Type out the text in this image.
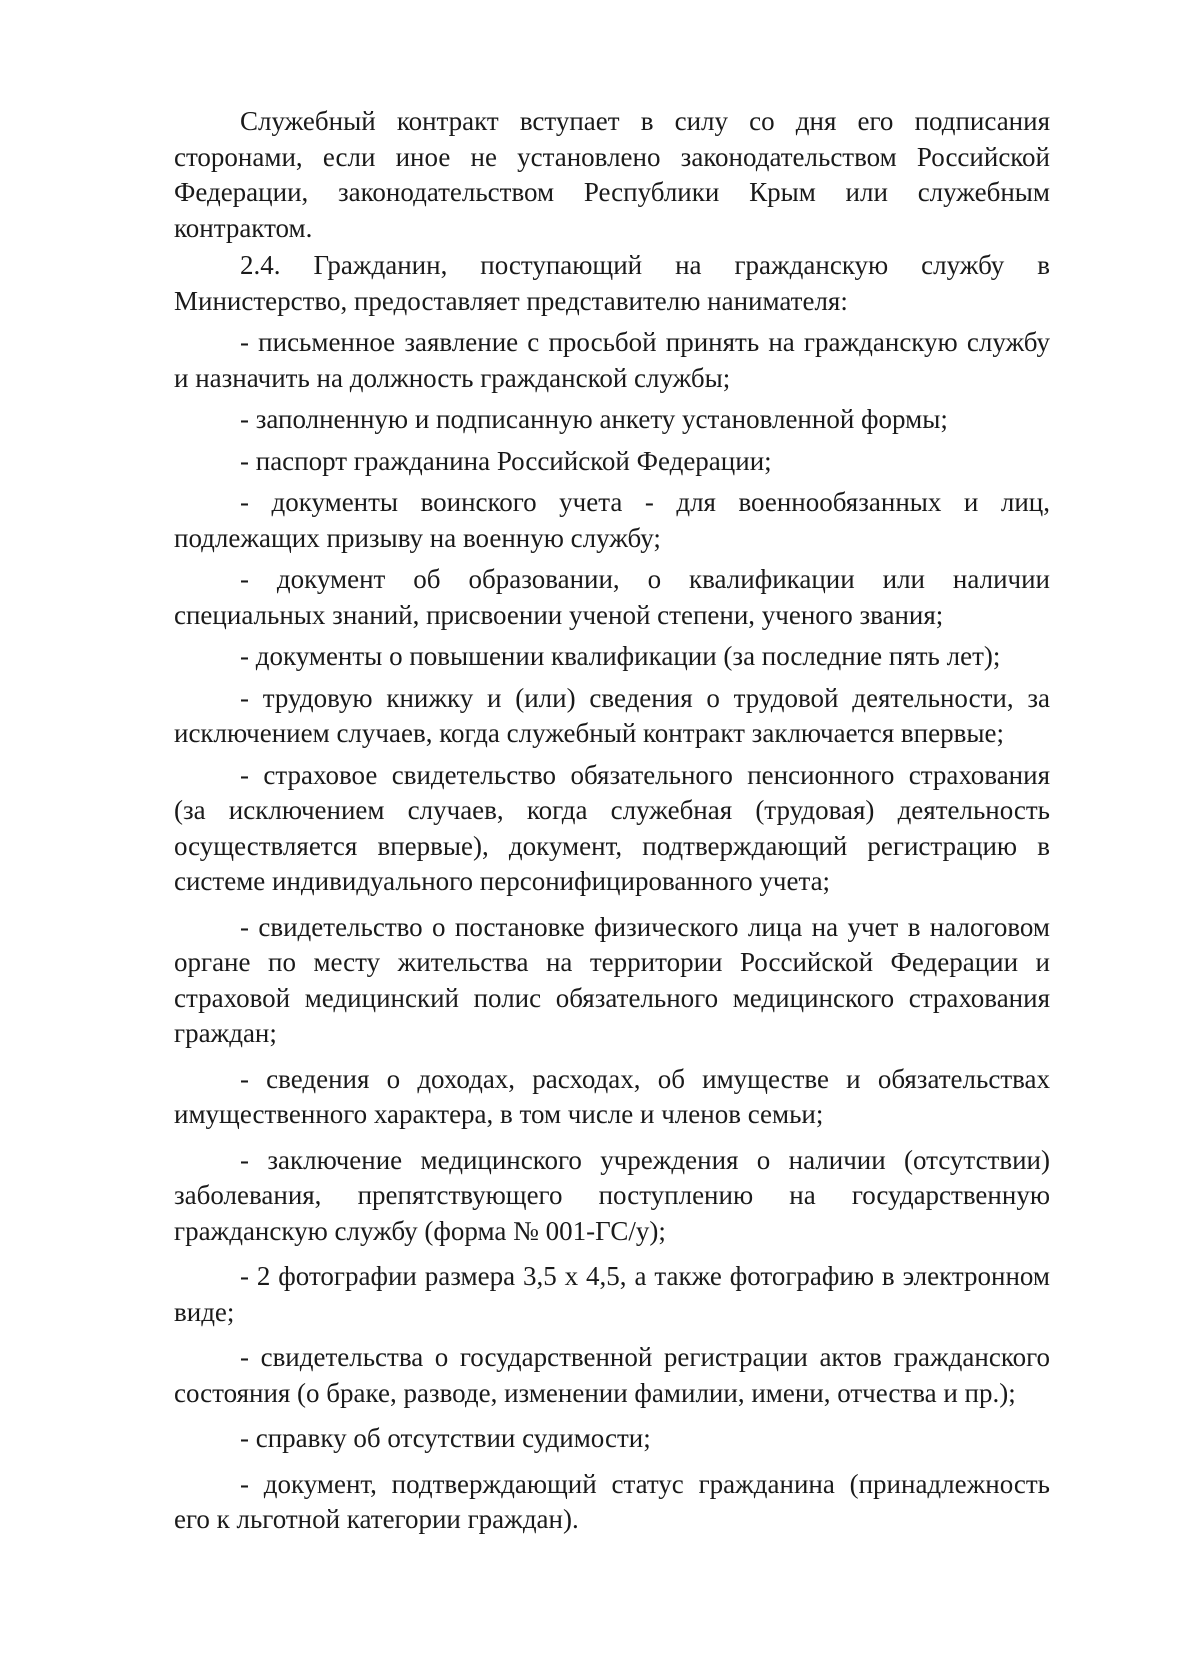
Служебный контракт вступает в силу со дня его подписания сторонами, если иное не установлено законодательством Российской Федерации, законодательством Республики Крым или служебным контрактом.

2.4. Гражданин, поступающий на гражданскую службу в Министерство, предоставляет представителю нанимателя:

- письменное заявление с просьбой принять на гражданскую службу и назначить на должность гражданской службы;

- заполненную и подписанную анкету установленной формы;

- паспорт гражданина Российской Федерации;

- документы воинского учета - для военнообязанных и лиц, подлежащих призыву на военную службу;

- документ об образовании, о квалификации или наличии специальных знаний, присвоении ученой степени, ученого звания;

- документы о повышении квалификации (за последние пять лет);

- трудовую книжку и (или) сведения о трудовой деятельности, за исключением случаев, когда служебный контракт заключается впервые;

- страховое свидетельство обязательного пенсионного страхования (за исключением случаев, когда служебная (трудовая) деятельность осуществляется впервые), документ, подтверждающий регистрацию в системе индивидуального персонифицированного учета;

- свидетельство о постановке физического лица на учет в налоговом органе по месту жительства на территории Российской Федерации и страховой медицинский полис обязательного медицинского страхования граждан;

- сведения о доходах, расходах, об имуществе и обязательствах имущественного характера, в том числе и членов семьи;

- заключение медицинского учреждения о наличии (отсутствии) заболевания, препятствующего поступлению на государственную гражданскую службу (форма № 001-ГС/у);

- 2 фотографии размера 3,5 х 4,5, а также фотографию в электронном виде;

- свидетельства о государственной регистрации актов гражданского состояния (о браке, разводе, изменении фамилии, имени, отчества и пр.);

- справку об отсутствии судимости;

- документ, подтверждающий статус гражданина (принадлежность его к льготной категории граждан).
